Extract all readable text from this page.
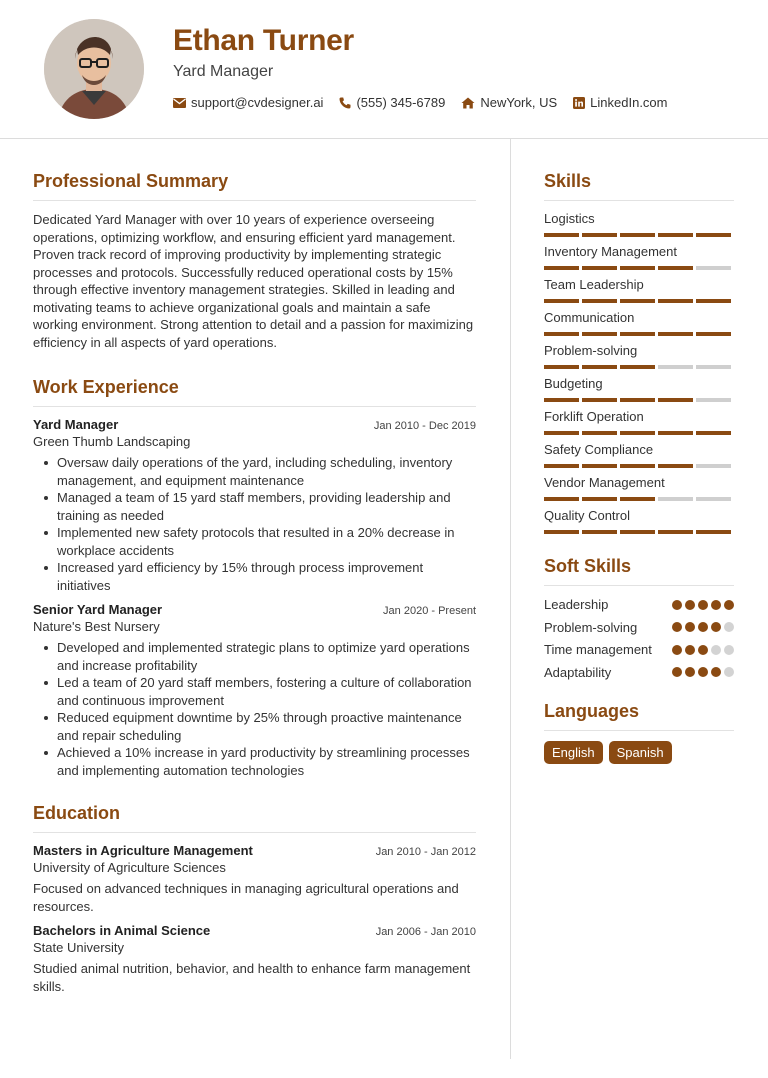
Ethan Turner
Yard Manager
support@cvdesigner.ai	(555) 345-6789	NewYork, US	LinkedIn.com
Professional Summary

Dedicated Yard Manager with over 10 years of experience overseeing operations, optimizing workflow, and ensuring efficient yard management. Proven track record of improving productivity by implementing strategic processes and protocols. Successfully reduced operational costs by 15% through effective inventory management strategies. Skilled in leading and motivating teams to achieve organizational goals and maintain a safe working environment. Strong attention to detail and a passion for maximizing efficiency in all aspects of yard operations.

Work Experience
Yard Manager	Jan 2010 - Dec 2019
Green Thumb Landscaping
Oversaw daily operations of the yard, including scheduling, inventory management, and equipment maintenance
Managed a team of 15 yard staff members, providing leadership and training as needed
Implemented new safety protocols that resulted in a 20% decrease in workplace accidents
Increased yard efficiency by 15% through process improvement initiatives
Senior Yard Manager	Jan 2020 - Present
Nature's Best Nursery
Developed and implemented strategic plans to optimize yard operations and increase profitability
Led a team of 20 yard staff members, fostering a culture of collaboration and continuous improvement
Reduced equipment downtime by 25% through proactive maintenance and repair scheduling
Achieved a 10% increase in yard productivity by streamlining processes and implementing automation technologies
Education
Masters in Agriculture Management	Jan 2010 - Jan 2012
University of Agriculture Sciences

Focused on advanced techniques in managing agricultural operations and resources.

Bachelors in Animal Science	Jan 2006 - Jan 2010
State University

Studied animal nutrition, behavior, and health to enhance farm management skills.

Skills
Logistics
Inventory Management
Team Leadership
Communication
Problem-solving
Budgeting
Forklift Operation
Safety Compliance
Vendor Management
Quality Control
Soft Skills
Leadership
Problem-solving
Time management
Adaptability
Languages
English	Spanish
